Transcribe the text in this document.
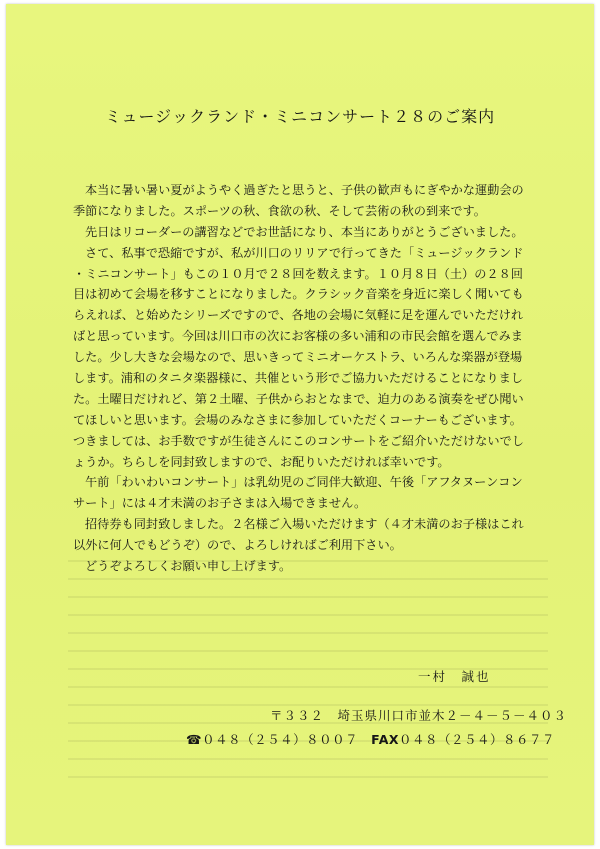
ミュージックランド・ミニコンサート２８のご案内
本当に暑い暑い夏がようやく過ぎたと思うと、子供の歓声もにぎやかな運動会の
季節になりました。スポーツの秋、食欲の秋、そして芸術の秋の到来です。
先日はリコーダーの講習などでお世話になり、本当にありがとうございました。
さて、私事で恐縮ですが、私が川口のリリアで行ってきた「ミュージックランド
・ミニコンサート」もこの１０月で２８回を数えます。１０月８日（土）の２８回
目は初めて会場を移すことになりました。クラシック音楽を身近に楽しく聞いても
らえれば、と始めたシリーズですので、各地の会場に気軽に足を運んでいただけれ
ばと思っています。今回は川口市の次にお客様の多い浦和の市民会館を選んでみま
した。少し大きな会場なので、思いきってミニオーケストラ、いろんな楽器が登場
します。浦和のタニタ楽器様に、共催という形でご協力いただけることになりまし
た。土曜日だけれど、第２土曜、子供からおとなまで、迫力のある演奏をぜひ聞い
てほしいと思います。会場のみなさまに参加していただくコーナーもございます。
つきましては、お手数ですが生徒さんにこのコンサートをご紹介いただけないでし
ょうか。ちらしを同封致しますので、お配りいただければ幸いです。
午前「わいわいコンサート」は乳幼児のご同伴大歓迎、午後「アフタヌーンコン
サート」には４才未満のお子さまは入場できません。
招待券も同封致しました。２名様ご入場いただけます（４才未満のお子様はこれ
以外に何人でもどうぞ）ので、よろしければご利用下さい。
どうぞよろしくお願い申し上げます。
一村　誠也
〒３３２　埼玉県川口市並木２－４－５－４０３
☎０４８（２５４）８００７　 FAX０４８（２５４）８６７７
